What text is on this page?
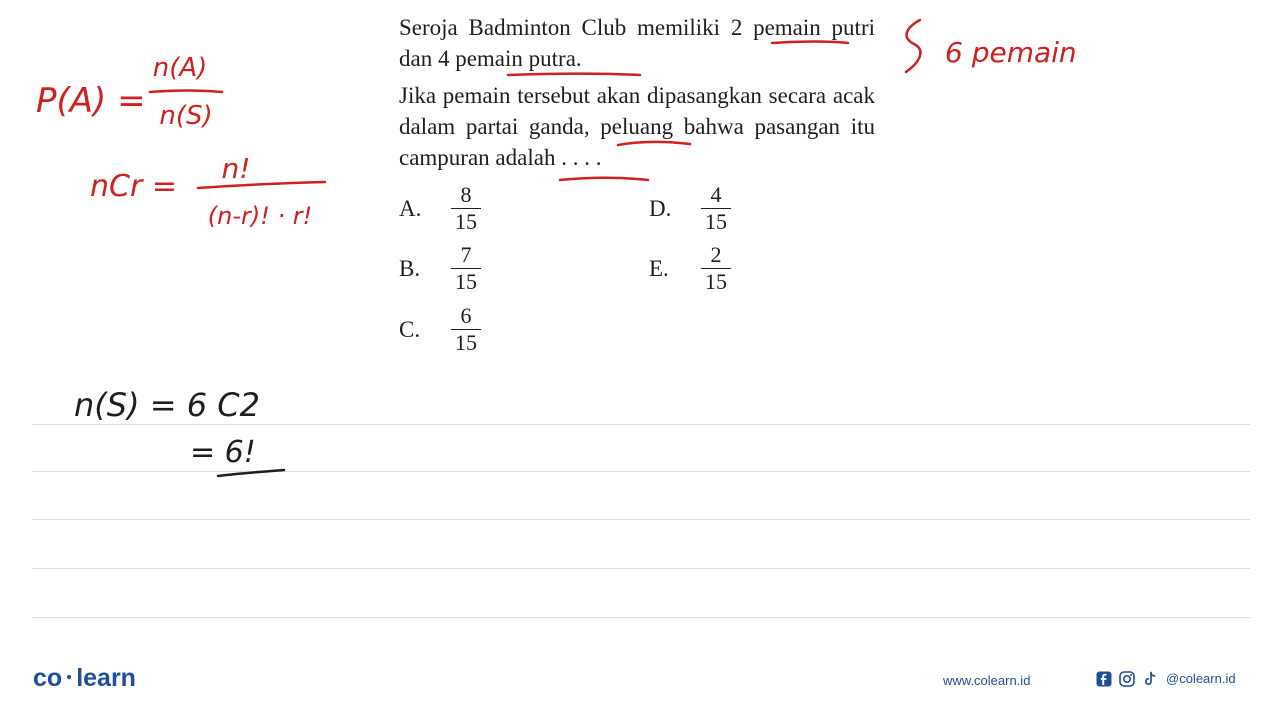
Seroja Badminton Club memiliki 2 pemain putri dan 4 pemain putra.

Jika pemain tersebut akan dipasangkan secara acak dalam partai ganda, peluang bahwa pasangan itu campuran adalah . . . .

A.	$\frac{8}{15}$
B.	$\frac{7}{15}$
C.	$\frac{6}{15}$
D.	$\frac{4}{15}$
E.	$\frac{2}{15}$
P(A) =
n(A)
n(S)
nCr =
n!
(n-r)! · r!
6 pemain
n(S) = 6 C2
= 6!
co learn	www.colearn.id	@colearn.id
